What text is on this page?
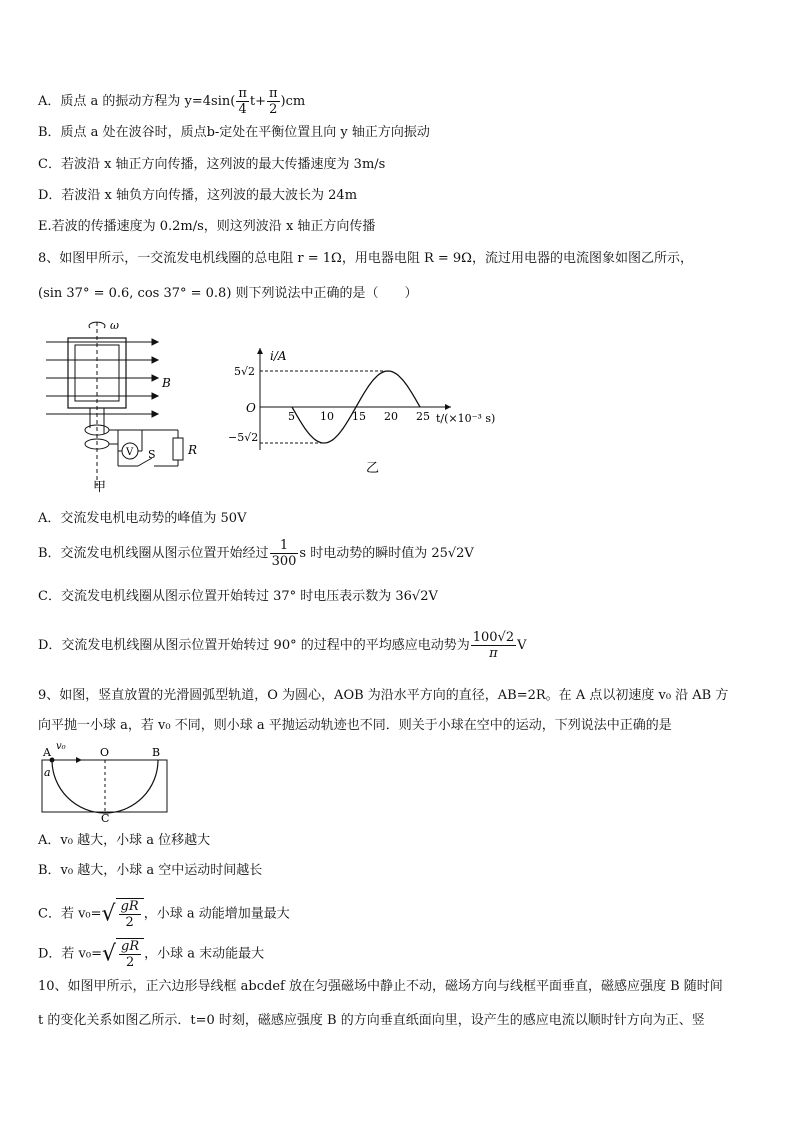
A．质点 a 的振动方程为 $y=4\sin( \frac{\pi}{4} t+ \frac{\pi}{2} )cm$
B．质点 a 处在波谷时，质点b-定处在平衡位置且向 y 轴正方向振动
C．若波沿 x 轴正方向传播，这列波的最大传播速度为 3m/s
D．若波沿 x 轴负方向传播，这列波的最大波长为 24m
E.若波的传播速度为 0.2m/s，则这列波沿 x 轴正方向传播
8、如图甲所示，一交流发电机线圈的总电阻 r = 1Ω，用电器电阻 R = 9Ω，流过用电器的电流图象如图乙所示，
(sin 37° = 0.6, cos 37° = 0.8) 则下列说法中正确的是（　　）
ω
B
V S	R
甲
i/A
5√2
−5√2
O
5 10 15 20 25 t/(×10⁻³ s)
乙
A．交流发电机电动势的峰值为 50V
B．交流发电机线圈从图示位置开始经过 $\frac{1}{300}$ s 时电动势的瞬时值为 25√2V
C．交流发电机线圈从图示位置开始转过 37° 时电压表示数为 36√2V
D．交流发电机线圈从图示位置开始转过 90° 的过程中的平均感应电动势为 $\frac{100√2}{\pi}$ V
9、如图，竖直放置的光滑圆弧型轨道，O 为圆心，AOB 为沿水平方向的直径，AB=2R。在 A 点以初速度 v₀ 沿 AB 方
向平抛一小球 a，若 v₀ 不同，则小球 a 平抛运动轨迹也不同．则关于小球在空中的运动，下列说法中正确的是
A v₀	O	B
C
a
A．v₀ 越大，小球 a 位移越大
B．v₀ 越大，小球 a 空中运动时间越长
C．若 $v_0=√ \frac{gR}{2}$ ，小球 a 动能增加量最大
D．若 $v_0=√ \frac{gR}{2}$ ，小球 a 末动能最大
10、如图甲所示，正六边形导线框 abcdef 放在匀强磁场中静止不动，磁场方向与线框平面垂直，磁感应强度 B 随时间
t 的变化关系如图乙所示．t=0 时刻，磁感应强度 B 的方向垂直纸面向里，设产生的感应电流以顺时针方向为正、竖
